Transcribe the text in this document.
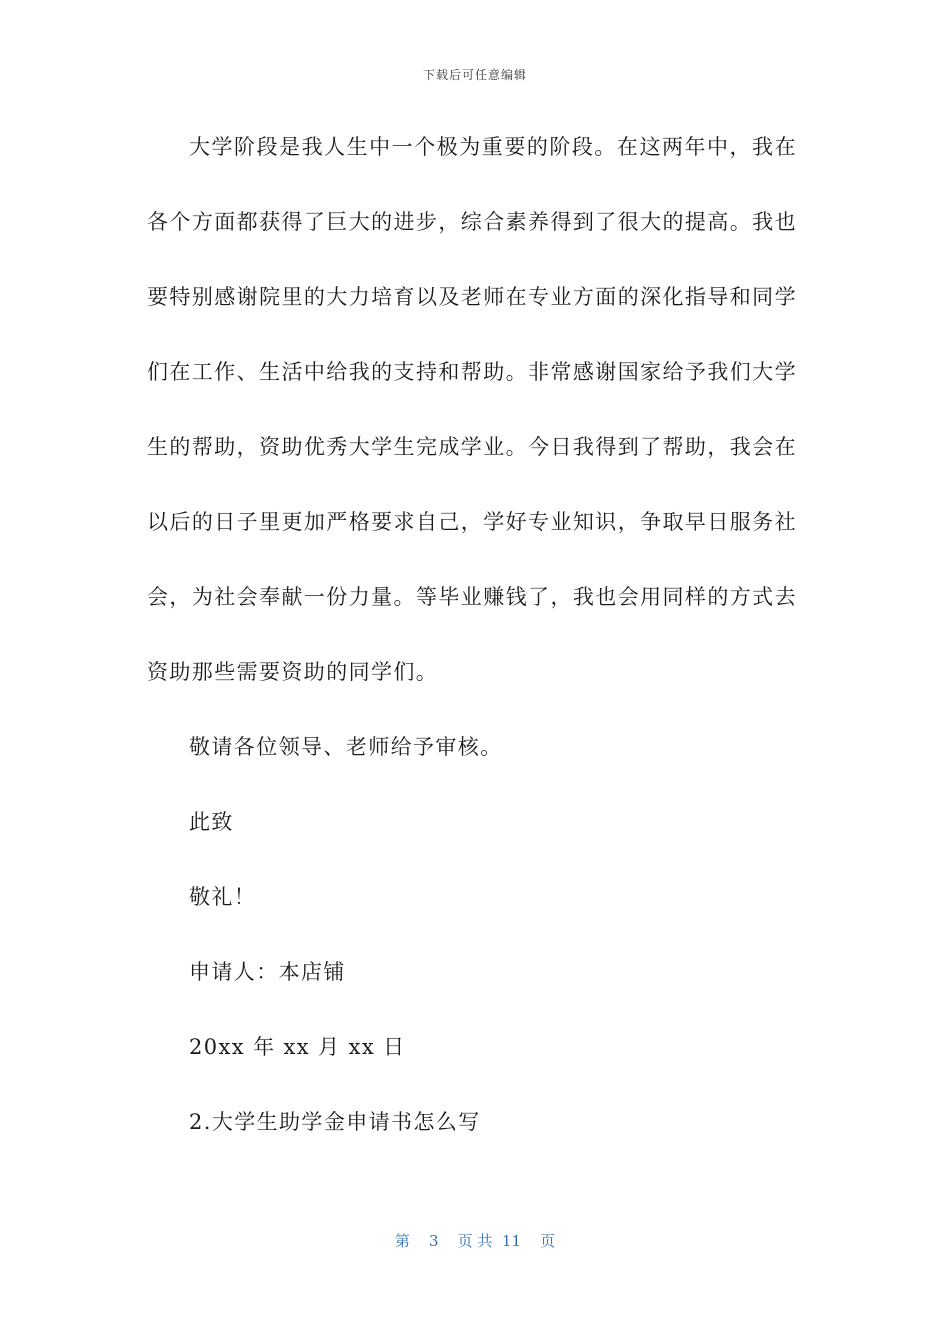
下载后可任意编辑
大学阶段是我人生中一个极为重要的阶段。在这两年中，我在
各个方面都获得了巨大的进步，综合素养得到了很大的提高。我也
要特别感谢院里的大力培育以及老师在专业方面的深化指导和同学
们在工作、生活中给我的支持和帮助。非常感谢国家给予我们大学
生的帮助，资助优秀大学生完成学业。今日我得到了帮助，我会在
以后的日子里更加严格要求自己，学好专业知识，争取早日服务社
会，为社会奉献一份力量。等毕业赚钱了，我也会用同样的方式去
资助那些需要资助的同学们。
敬请各位领导、老师给予审核。
此致
敬礼！
申请人：本店铺
20xx 年 xx 月 xx 日
2.大学生助学金申请书怎么写
第 3 页 共 11 页
